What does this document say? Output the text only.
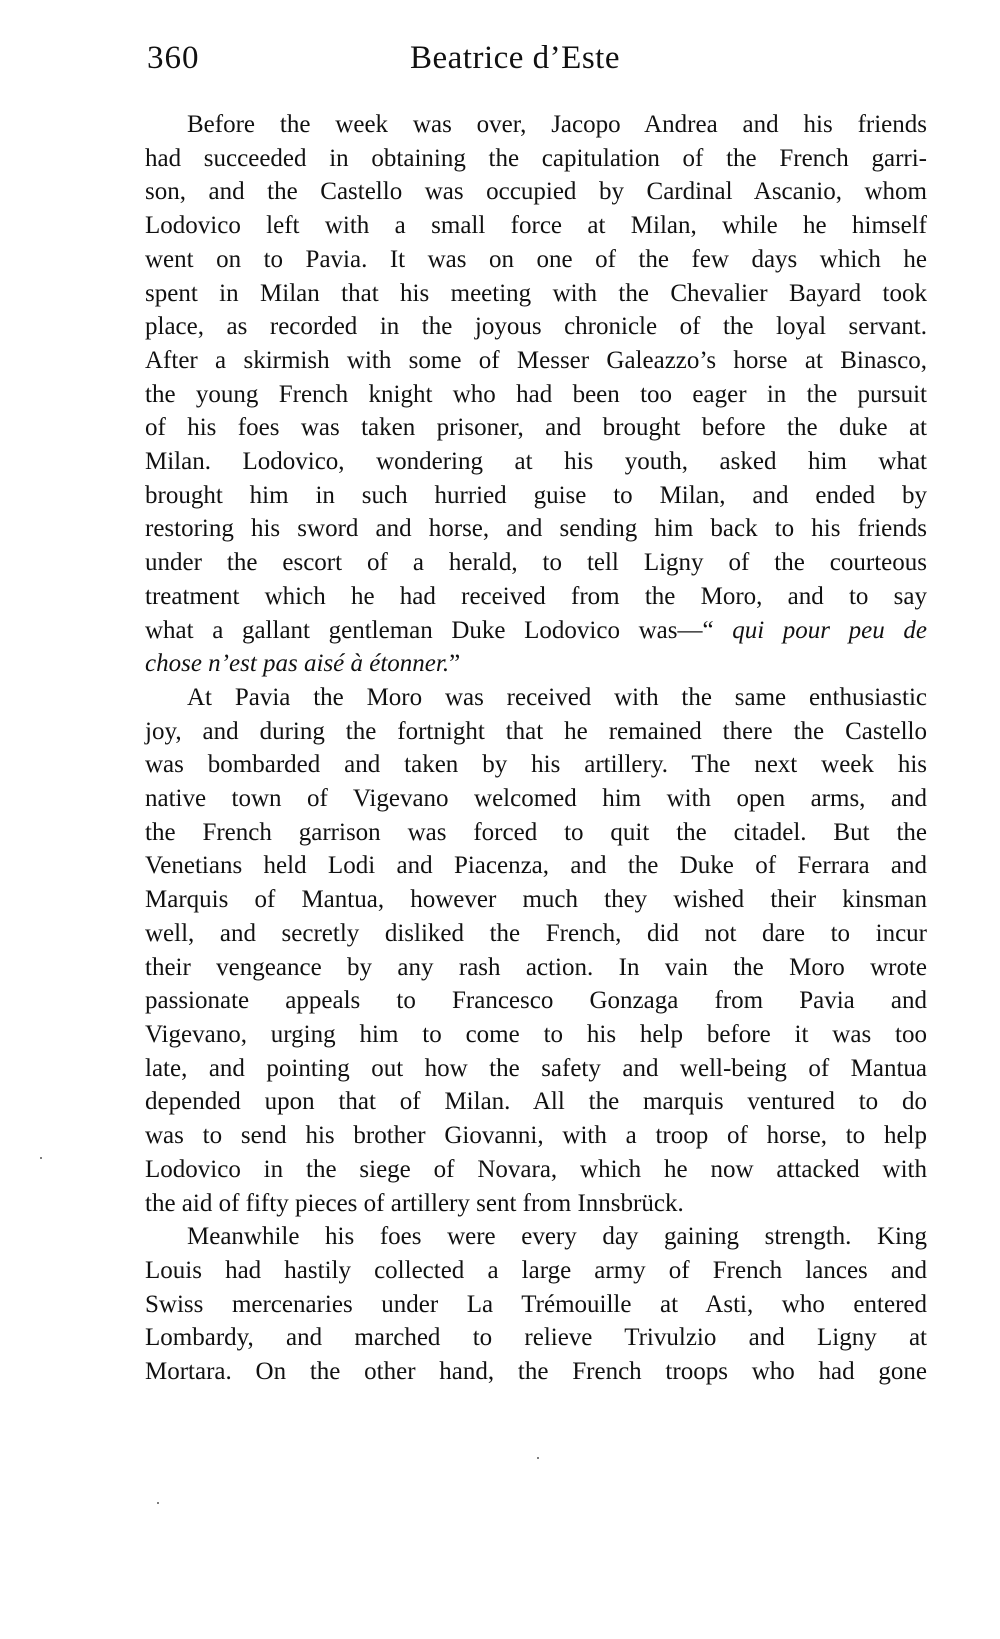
360	Beatrice d’Este
Before the week was over, Jacopo Andrea and his friends
had succeeded in obtaining the capitulation of the French garri-
son, and the Castello was occupied by Cardinal Ascanio, whom
Lodovico left with a small force at Milan, while he himself
went on to Pavia. It was on one of the few days which he
spent in Milan that his meeting with the Chevalier Bayard took
place, as recorded in the joyous chronicle of the loyal servant.
After a skirmish with some of Messer Galeazzo’s horse at Binasco,
the young French knight who had been too eager in the pursuit
of his foes was taken prisoner, and brought before the duke at
Milan. Lodovico, wondering at his youth, asked him what
brought him in such hurried guise to Milan, and ended by
restoring his sword and horse, and sending him back to his friends
under the escort of a herald, to tell Ligny of the courteous
treatment which he had received from the Moro, and to say
what a gallant gentleman Duke Lodovico was—“ qui pour peu de
chose n’est pas aisé à étonner.”
At Pavia the Moro was received with the same enthusiastic
joy, and during the fortnight that he remained there the Castello
was bombarded and taken by his artillery. The next week his
native town of Vigevano welcomed him with open arms, and
the French garrison was forced to quit the citadel. But the
Venetians held Lodi and Piacenza, and the Duke of Ferrara and
Marquis of Mantua, however much they wished their kinsman
well, and secretly disliked the French, did not dare to incur
their vengeance by any rash action. In vain the Moro wrote
passionate appeals to Francesco Gonzaga from Pavia and
Vigevano, urging him to come to his help before it was too
late, and pointing out how the safety and well-being of Mantua
depended upon that of Milan. All the marquis ventured to do
was to send his brother Giovanni, with a troop of horse, to help
Lodovico in the siege of Novara, which he now attacked with
the aid of fifty pieces of artillery sent from Innsbrück.
Meanwhile his foes were every day gaining strength. King
Louis had hastily collected a large army of French lances and
Swiss mercenaries under La Trémouille at Asti, who entered
Lombardy, and marched to relieve Trivulzio and Ligny at
Mortara. On the other hand, the French troops who had gone
